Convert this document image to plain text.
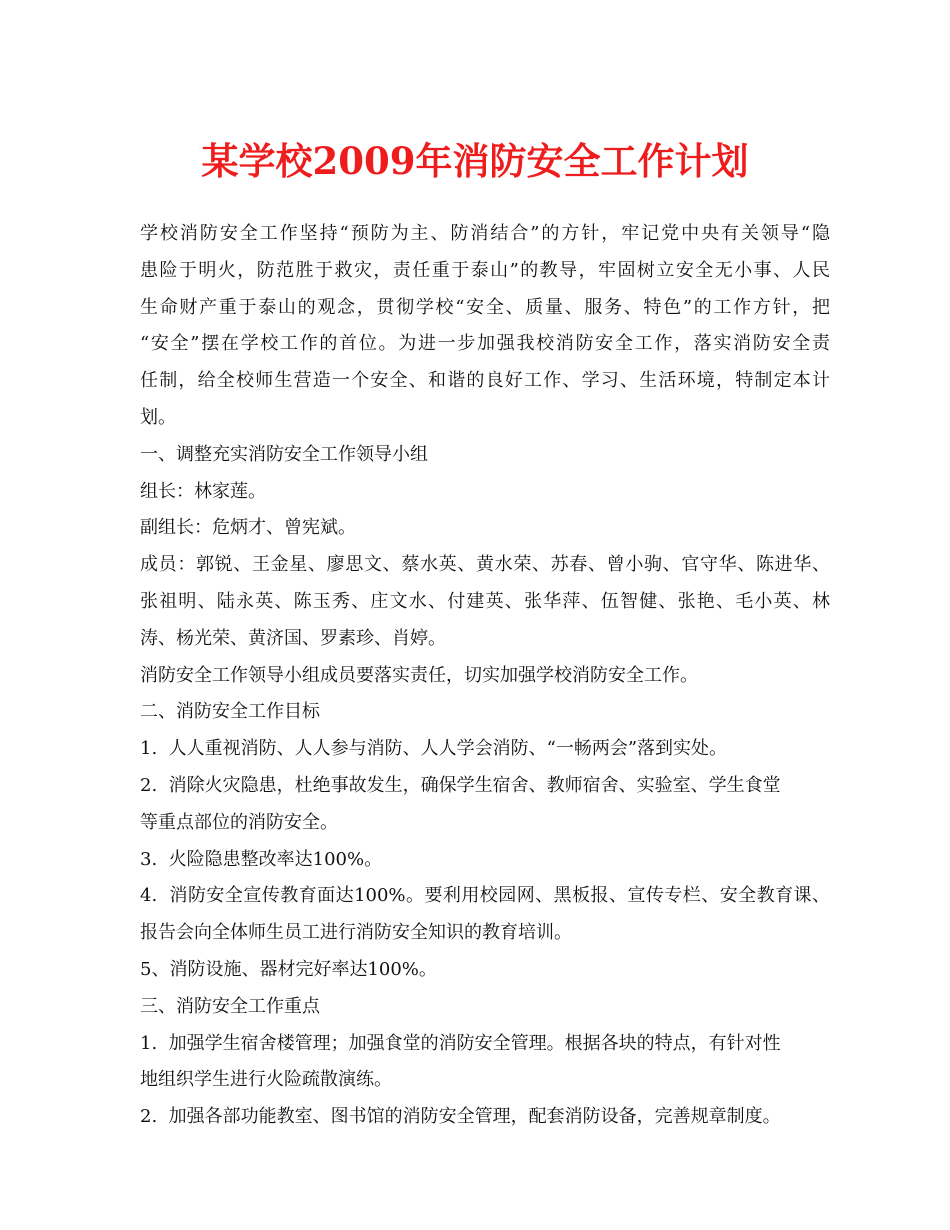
某学校2009年消防安全工作计划
学校消防安全工作坚持“预防为主、防消结合”的方针，牢记党中央有关领导“隐
患险于明火，防范胜于救灾，责任重于泰山”的教导，牢固树立安全无小事、人民
生命财产重于泰山的观念，贯彻学校“安全、质量、服务、特色”的工作方针，把
“安全”摆在学校工作的首位。为进一步加强我校消防安全工作，落实消防安全责
任制，给全校师生营造一个安全、和谐的良好工作、学习、生活环境，特制定本计
划。
一、调整充实消防安全工作领导小组
组长：林家莲。
副组长：危炳才、曾宪斌。
成员：郭锐、王金星、廖思文、蔡水英、黄水荣、苏春、曾小驹、官守华、陈进华、
张祖明、陆永英、陈玉秀、庄文水、付建英、张华萍、伍智健、张艳、毛小英、林
涛、杨光荣、黄济国、罗素珍、肖婷。
消防安全工作领导小组成员要落实责任，切实加强学校消防安全工作。
二、消防安全工作目标
1.  人人重视消防、人人参与消防、人人学会消防、“一畅两会”落到实处。
2.  消除火灾隐患，杜绝事故发生，确保学生宿舍、教师宿舍、实验室、学生食堂
等重点部位的消防安全。
3.  火险隐患整改率达100%。
4.  消防安全宣传教育面达100%。要利用校园网、黑板报、宣传专栏、安全教育课、
报告会向全体师生员工进行消防安全知识的教育培训。
5、消防设施、器材完好率达100%。
三、消防安全工作重点
1.  加强学生宿舍楼管理；加强食堂的消防安全管理。根据各块的特点，有针对性
地组织学生进行火险疏散演练。
2.  加强各部功能教室、图书馆的消防安全管理，配套消防设备，完善规章制度。
